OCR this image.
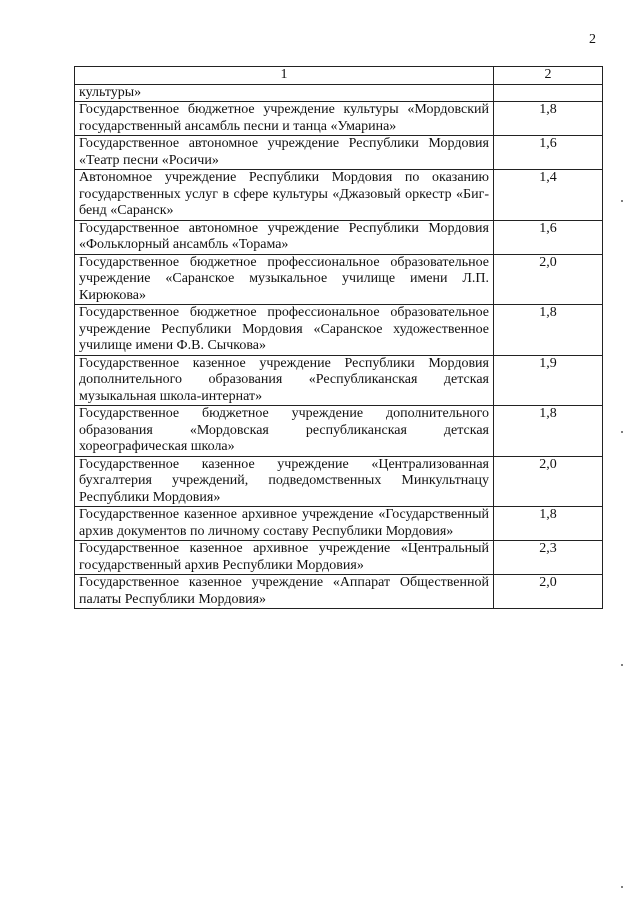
2
1	2
культуры»	
Государственное бюджетное учреждение культуры «Мордовский государственный ансамбль песни и танца «Умарина»	1,8
Государственное автономное учреждение Республики Мордовия «Театр песни «Росичи»	1,6
Автономное учреждение Республики Мордовия по оказанию государственных услуг в сфере культуры «Джазовый оркестр «Биг-бенд «Саранск»	1,4
Государственное автономное учреждение Республики Мордовия «Фольклорный ансамбль «Торама»	1,6
Государственное бюджетное профессиональное образовательное учреждение «Саранское музыкальное училище имени Л.П. Кирюкова»	2,0
Государственное бюджетное профессиональное образовательное учреждение Республики Мордовия «Саранское художественное училище имени Ф.В. Сычкова»	1,8
Государственное казенное учреждение Республики Мордовия дополнительного образования «Республиканская детская музыкальная школа-интернат»	1,9
Государственное бюджетное учреждение дополнительного образования «Мордовская республиканская детская хореографическая школа»	1,8
Государственное казенное учреждение «Централизованная бухгалтерия учреждений, подведомственных Минкультнацу Республики Мордовия»	2,0
Государственное казенное архивное учреждение «Государственный архив документов по личному составу Республики Мордовия»	1,8
Государственное казенное архивное учреждение «Центральный государственный архив Республики Мордовия»	2,3
Государственное казенное учреждение «Аппарат Общественной палаты Республики Мордовия»	2,0
